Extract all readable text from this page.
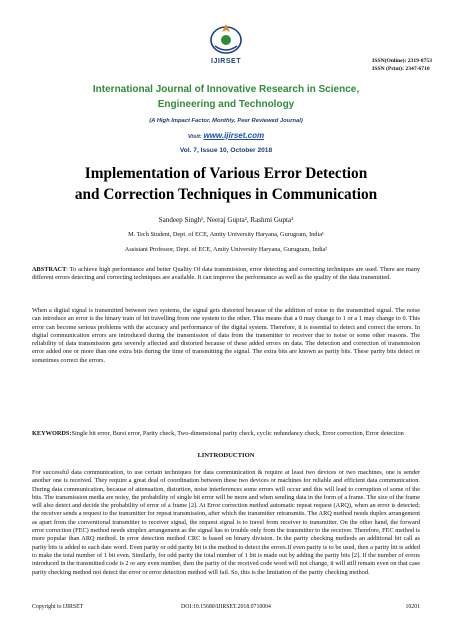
IJIRSET	ISSN(Online): 2319-8753
ISSN (Print): 2347-6710
International Journal of Innovative Research in Science,
Engineering and Technology
(A High Impact Factor, Monthly, Peer Reviewed Journal)
Visit: www.ijirset.com
Vol. 7, Issue 10, October 2018
Implementation of Various Error Detection
and Correction Techniques in Communication
Sandeep Singh¹, Neeraj Gupta², Rashmi Gupta²
M. Tech Student, Dept. of ECE, Amity University Haryana, Gurugram, India¹
Assistant Professor, Dept. of ECE, Amity University Haryana, Gurugram, India²
ABSTRACT: To achieve high performance and better Quality Of data transmission, error detecting and correcting techniques are used. There are many different errors detecting and correcting techniques are available. It can improve the performance as well as the quality of the data transmitted.
When a digital signal is transmitted between two systems, the signal gets distorted because of the addition of noise to the transmitted signal. The noise can introduce an error is the binary train of bit travelling from one system to the other. This means that a 0 may change to 1 or a 1 may change to 0. This error can become serious problems with the accuracy and performance of the digital system. Therefore, it is essential to detect and correct the errors. In digital communication errors are introduced during the transmission of data from the transmitter to receiver due to noise or some other reasons. The reliability of data transmission gets severely affected and distorted because of these added errors on data. The detection and correction of transmission error added one or more than one extra bits during the time of transmitting the signal. The extra bits are known as parity bits. These parity bits detect or sometimes correct the errors.
KEYWORDS:Single bit error, Burst error, Parity check, Two-dimensional parity check, cyclic redundancy check, Error correction, Error detection
I.INTRODUCTION
For successful data communication, to use certain techniques for data communication & require at least two devices or two machines, one is sender another one is received. They require a great deal of coordination between these two devices or machines for reliable and efficient data communication. During data communication, because of attenuation, distortion, noise interferences some errors will occur and this will lead to corruption of some of the bits. The transmission media are noisy, the probability of single bit error will be more and when sending data in the form of a frame. The size of the frame will also detect and decide the probability of error of a frame [2]. At Error correction method automatic repeat request (ARQ), when an error is detected; the receiver sends a request to the transmitter for repeat transmission, after which the transmitter retransmits. The ARQ method needs duplex arrangement as apart from the conventional transmitter to receiver signal, the request signal is to travel from receiver to transmitter. On the other hand, the forward error correction (FEC) method needs simplex arrangement as the signal has to trouble only from the transmitter to the receiver. Therefore, FEC method is more popular than ARQ method. In error detection method CRC is based on binary division. In the parity checking methods an additional bit call as parity bits is added to each date word. Even parity or odd parity bit is the method to detect the errors.If even parity is to be used, then a parity bit is added to make the total number of 1 bit even. Similarly, for odd parity the total number of 1 bit is made out by adding the parity bits [2]. If the number of errors introduced in the transmitted code is 2 or any even number, then the parity of the received code word will not change, it will still remain even on that case parity checking method not detect the error or error detection method will fail. So, this is the limitation of the parity checking method.
Copyright to IJIRSET	DOI:10.15680/IJIRSET.2018.0710004	10201
